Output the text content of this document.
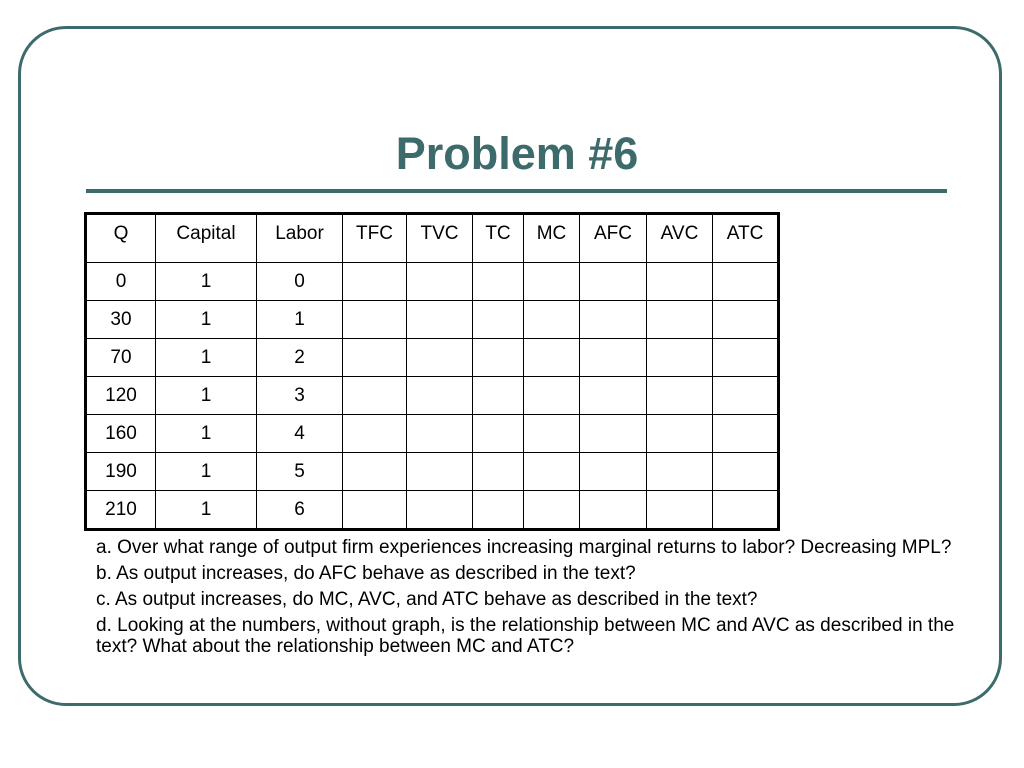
Problem #6
Q	Capital	Labor	TFC	TVC	TC	MC	AFC	AVC	ATC
0	1	0							
30	1	1							
70	1	2							
120	1	3							
160	1	4							
190	1	5							
210	1	6							

a. Over what range of output firm experiences increasing marginal returns to labor? Decreasing MPL?

b. As output increases, do AFC behave as described in the text?

c. As output increases, do MC, AVC, and ATC behave as described in the text?

d. Looking at the numbers, without graph, is the relationship between MC and AVC as described in the text? What about the relationship between MC and ATC?
